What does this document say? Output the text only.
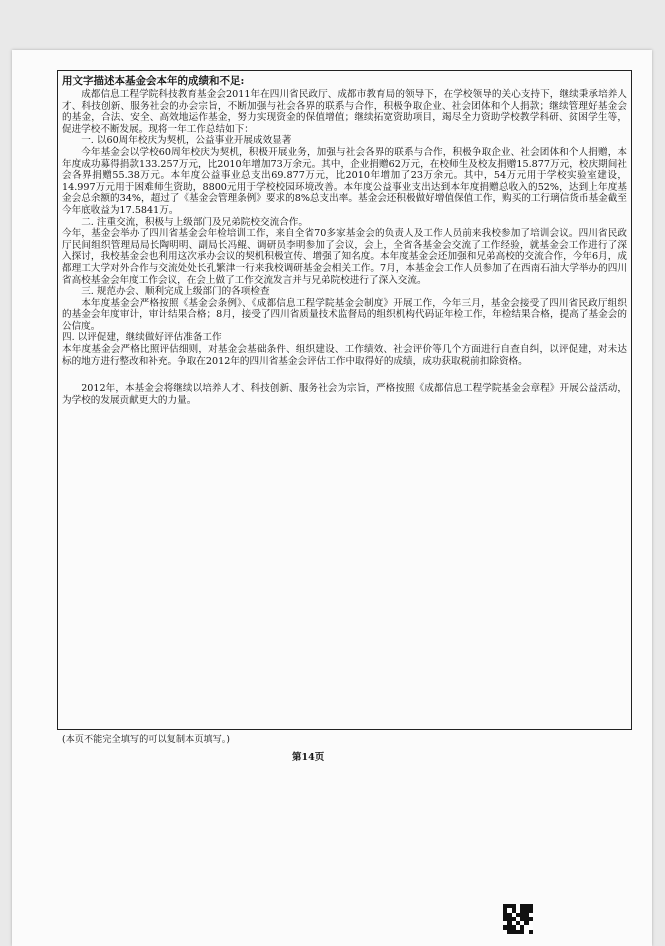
用文字描述本基金会本年的成绩和不足:

成都信息工程学院科技教育基金会2011年在四川省民政厅、成都市教育局的领导下，在学校领导的关心支持下，继续秉承培养人才、科技创新、服务社会的办会宗旨，不断加强与社会各界的联系与合作，积极争取企业、社会团体和个人捐款；继续管理好基金会的基金，合法、安全、高效地运作基金，努力实现资金的保值增值；继续拓宽资助项目，竭尽全力资助学校教学科研、贫困学生等，促进学校不断发展。现将一年工作总结如下：

一. 以60周年校庆为契机，公益事业开展成效显著

今年基金会以学校60周年校庆为契机，积极开展业务，加强与社会各界的联系与合作，积极争取企业、社会团体和个人捐赠，本年度成功募得捐款133.257万元，比2010年增加73万余元。其中，企业捐赠62万元，在校师生及校友捐赠15.877万元，校庆期间社会各界捐赠55.38万元。本年度公益事业总支出69.877万元，比2010年增加了23万余元。其中，54万元用于学校实验室建设，14.997万元用于困难师生资助，8800元用于学校校园环境改善。本年度公益事业支出达到本年度捐赠总收入的52%，达到上年度基金会总余额的34%，超过了《基金会管理条例》要求的8%总支出率。基金会还积极做好增值保值工作，购买的工行璃信货币基金截至今年底收益为17.5841万。

二. 注重交流，积极与上级部门及兄弟院校交流合作。

今年，基金会举办了四川省基金会年检培训工作，来自全省70多家基金会的负责人及工作人员前来我校参加了培训会议。四川省民政厅民间组织管理局局长陶明明、副局长冯鲲、调研员李明参加了会议，会上，全省各基金会交流了工作经验，就基金会工作进行了深入探讨，我校基金会也利用这次承办会议的契机积极宣传、增强了知名度。本年度基金会还加强和兄弟高校的交流合作，今年6月，成都理工大学对外合作与交流处处长孔繁津一行来我校调研基金会相关工作。7月，本基金会工作人员参加了在西南石油大学举办的四川省高校基金会年度工作会议，在会上做了工作交流发言并与兄弟院校进行了深入交流。

三. 规范办会、顺利完成上级部门的各项检查

本年度基金会严格按照《基金会条例》、《成都信息工程学院基金会制度》开展工作，今年三月，基金会接受了四川省民政厅组织的基金会年度审计，审计结果合格；8月，接受了四川省质量技术监督局的组织机构代码证年检工作，年检结果合格，提高了基金会的公信度。

四. 以评促建，继续做好评估准备工作

本年度基金会严格比照评估细则，对基金会基础条件、组织建设、工作绩效、社会评价等几个方面进行自查自纠，以评促建，对未达标的地方进行整改和补充。争取在2012年的四川省基金会评估工作中取得好的成绩，成功获取税前扣除资格。

2012年，本基金会将继续以培养人才、科技创新、服务社会为宗旨，严格按照《成都信息工程学院基金会章程》开展公益活动，为学校的发展贡献更大的力量。

(本页不能完全填写的可以复制本页填写。)
第14页
